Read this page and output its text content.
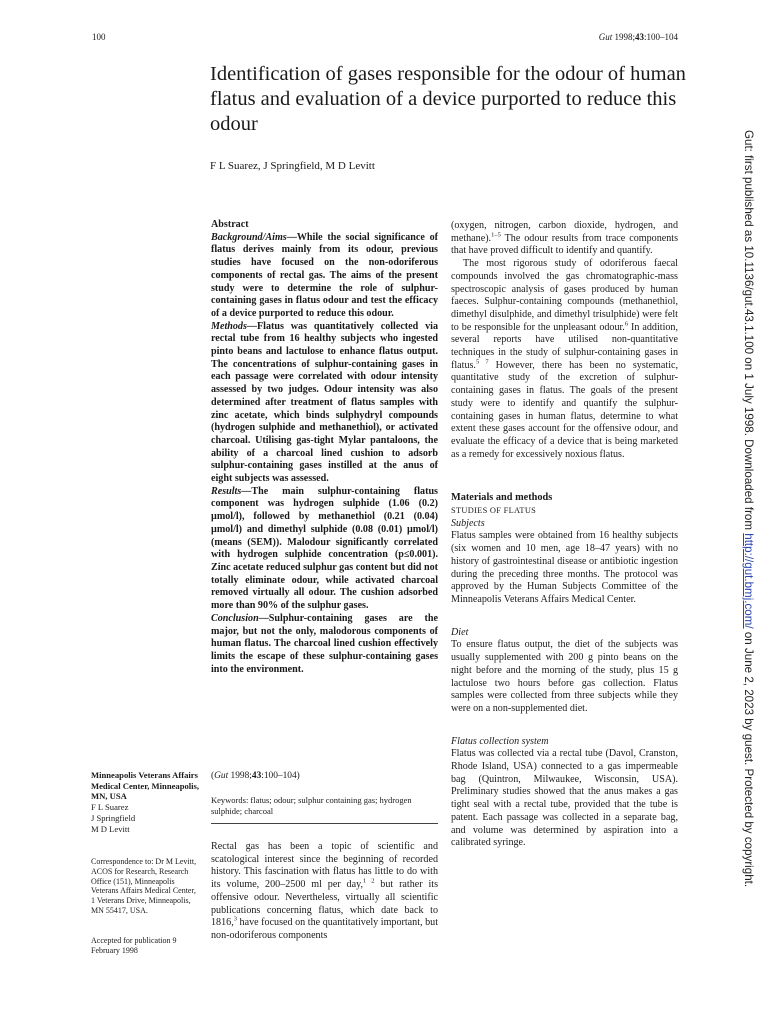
100	Gut 1998;43:100–104
Identification of gases responsible for the odour of human flatus and evaluation of a device purported to reduce this odour
F L Suarez, J Springfield, M D Levitt
Abstract

Background/Aims—While the social significance of flatus derives mainly from its odour, previous studies have focused on the non-odoriferous components of rectal gas. The aims of the present study were to determine the role of sulphur-containing gases in flatus odour and test the efficacy of a device purported to reduce this odour.

Methods—Flatus was quantitatively collected via rectal tube from 16 healthy subjects who ingested pinto beans and lactulose to enhance flatus output. The concentrations of sulphur-containing gases in each passage were correlated with odour intensity assessed by two judges. Odour intensity was also determined after treatment of flatus samples with zinc acetate, which binds sulphydryl compounds (hydrogen sulphide and methanethiol), or activated charcoal. Utilising gas-tight Mylar pantaloons, the ability of a charcoal lined cushion to adsorb sulphur-containing gases instilled at the anus of eight subjects was assessed.

Results—The main sulphur-containing flatus component was hydrogen sulphide (1.06 (0.2) µmol/l), followed by methanethiol (0.21 (0.04) µmol/l) and dimethyl sulphide (0.08 (0.01) µmol/l) (means (SEM)). Malodour significantly correlated with hydrogen sulphide concentration (p≤0.001). Zinc acetate reduced sulphur gas content but did not totally eliminate odour, while activated charcoal removed virtually all odour. The cushion adsorbed more than 90% of the sulphur gases.

Conclusion—Sulphur-containing gases are the major, but not the only, malodorous components of human flatus. The charcoal lined cushion effectively limits the escape of these sulphur-containing gases into the environment.

(Gut 1998;43:100–104)
Keywords: flatus; odour; sulphur containing gas; hydrogen sulphide; charcoal

Rectal gas has been a topic of scientific and scatological interest since the beginning of recorded history. This fascination with flatus has little to do with its volume, 200–2500 ml per day,$^{1 2}$ but rather its offensive odour. Nevertheless, virtually all scientific publications concerning flatus, which date back to 1816,$^3$ have focused on the quantitatively important, but non-odoriferous components

(oxygen, nitrogen, carbon dioxide, hydrogen, and methane).$^{1-5}$ The odour results from trace components that have proved difficult to identify and quantify.

The most rigorous study of odoriferous faecal compounds involved the gas chromatographic-mass spectroscopic analysis of gases produced by human faeces. Sulphur-containing compounds (methanethiol, dimethyl disulphide, and dimethyl trisulphide) were felt to be responsible for the unpleasant odour.$^6$ In addition, several reports have utilised non-quantitative techniques in the study of sulphur-containing gases in flatus.$^{5 7}$ However, there has been no systematic, quantitative study of the excretion of sulphur-containing gases in flatus. The goals of the present study were to identify and quantify the sulphur-containing gases in human flatus, determine to what extent these gases account for the offensive odour, and evaluate the efficacy of a device that is being marketed as a remedy for excessively noxious flatus.

Materials and methods

STUDIES OF FLATUS

Subjects

Flatus samples were obtained from 16 healthy subjects (six women and 10 men, age 18–47 years) with no history of gastrointestinal disease or antibiotic ingestion during the preceding three months. The protocol was approved by the Human Subjects Committee of the Minneapolis Veterans Affairs Medical Center.

Diet

To ensure flatus output, the diet of the subjects was usually supplemented with 200 g pinto beans on the night before and the morning of the study, plus 15 g lactulose two hours before gas collection. Flatus samples were collected from three subjects while they were on a non-supplemented diet.

Flatus collection system

Flatus was collected via a rectal tube (Davol, Cranston, Rhode Island, USA) connected to a gas impermeable bag (Quintron, Milwaukee, Wisconsin, USA). Preliminary studies showed that the anus makes a gas tight seal with a rectal tube, provided that the tube is patent. Each passage was collected in a separate bag, and volume was determined by aspiration into a calibrated syringe.

Minneapolis Veterans Affairs Medical Center, Minneapolis, MN, USA
F L Suarez
J Springfield
M D Levitt
Correspondence to: Dr M Levitt, ACOS for Research, Research Office (151), Minneapolis Veterans Affairs Medical Center, 1 Veterans Drive, Minneapolis, MN 55417, USA.
Accepted for publication 9 February 1998
Gut: first published as 10.1136/gut.43.1.100 on 1 July 1998. Downloaded from http://gut.bmj.com/ on June 2, 2023 by guest. Protected by copyright.
